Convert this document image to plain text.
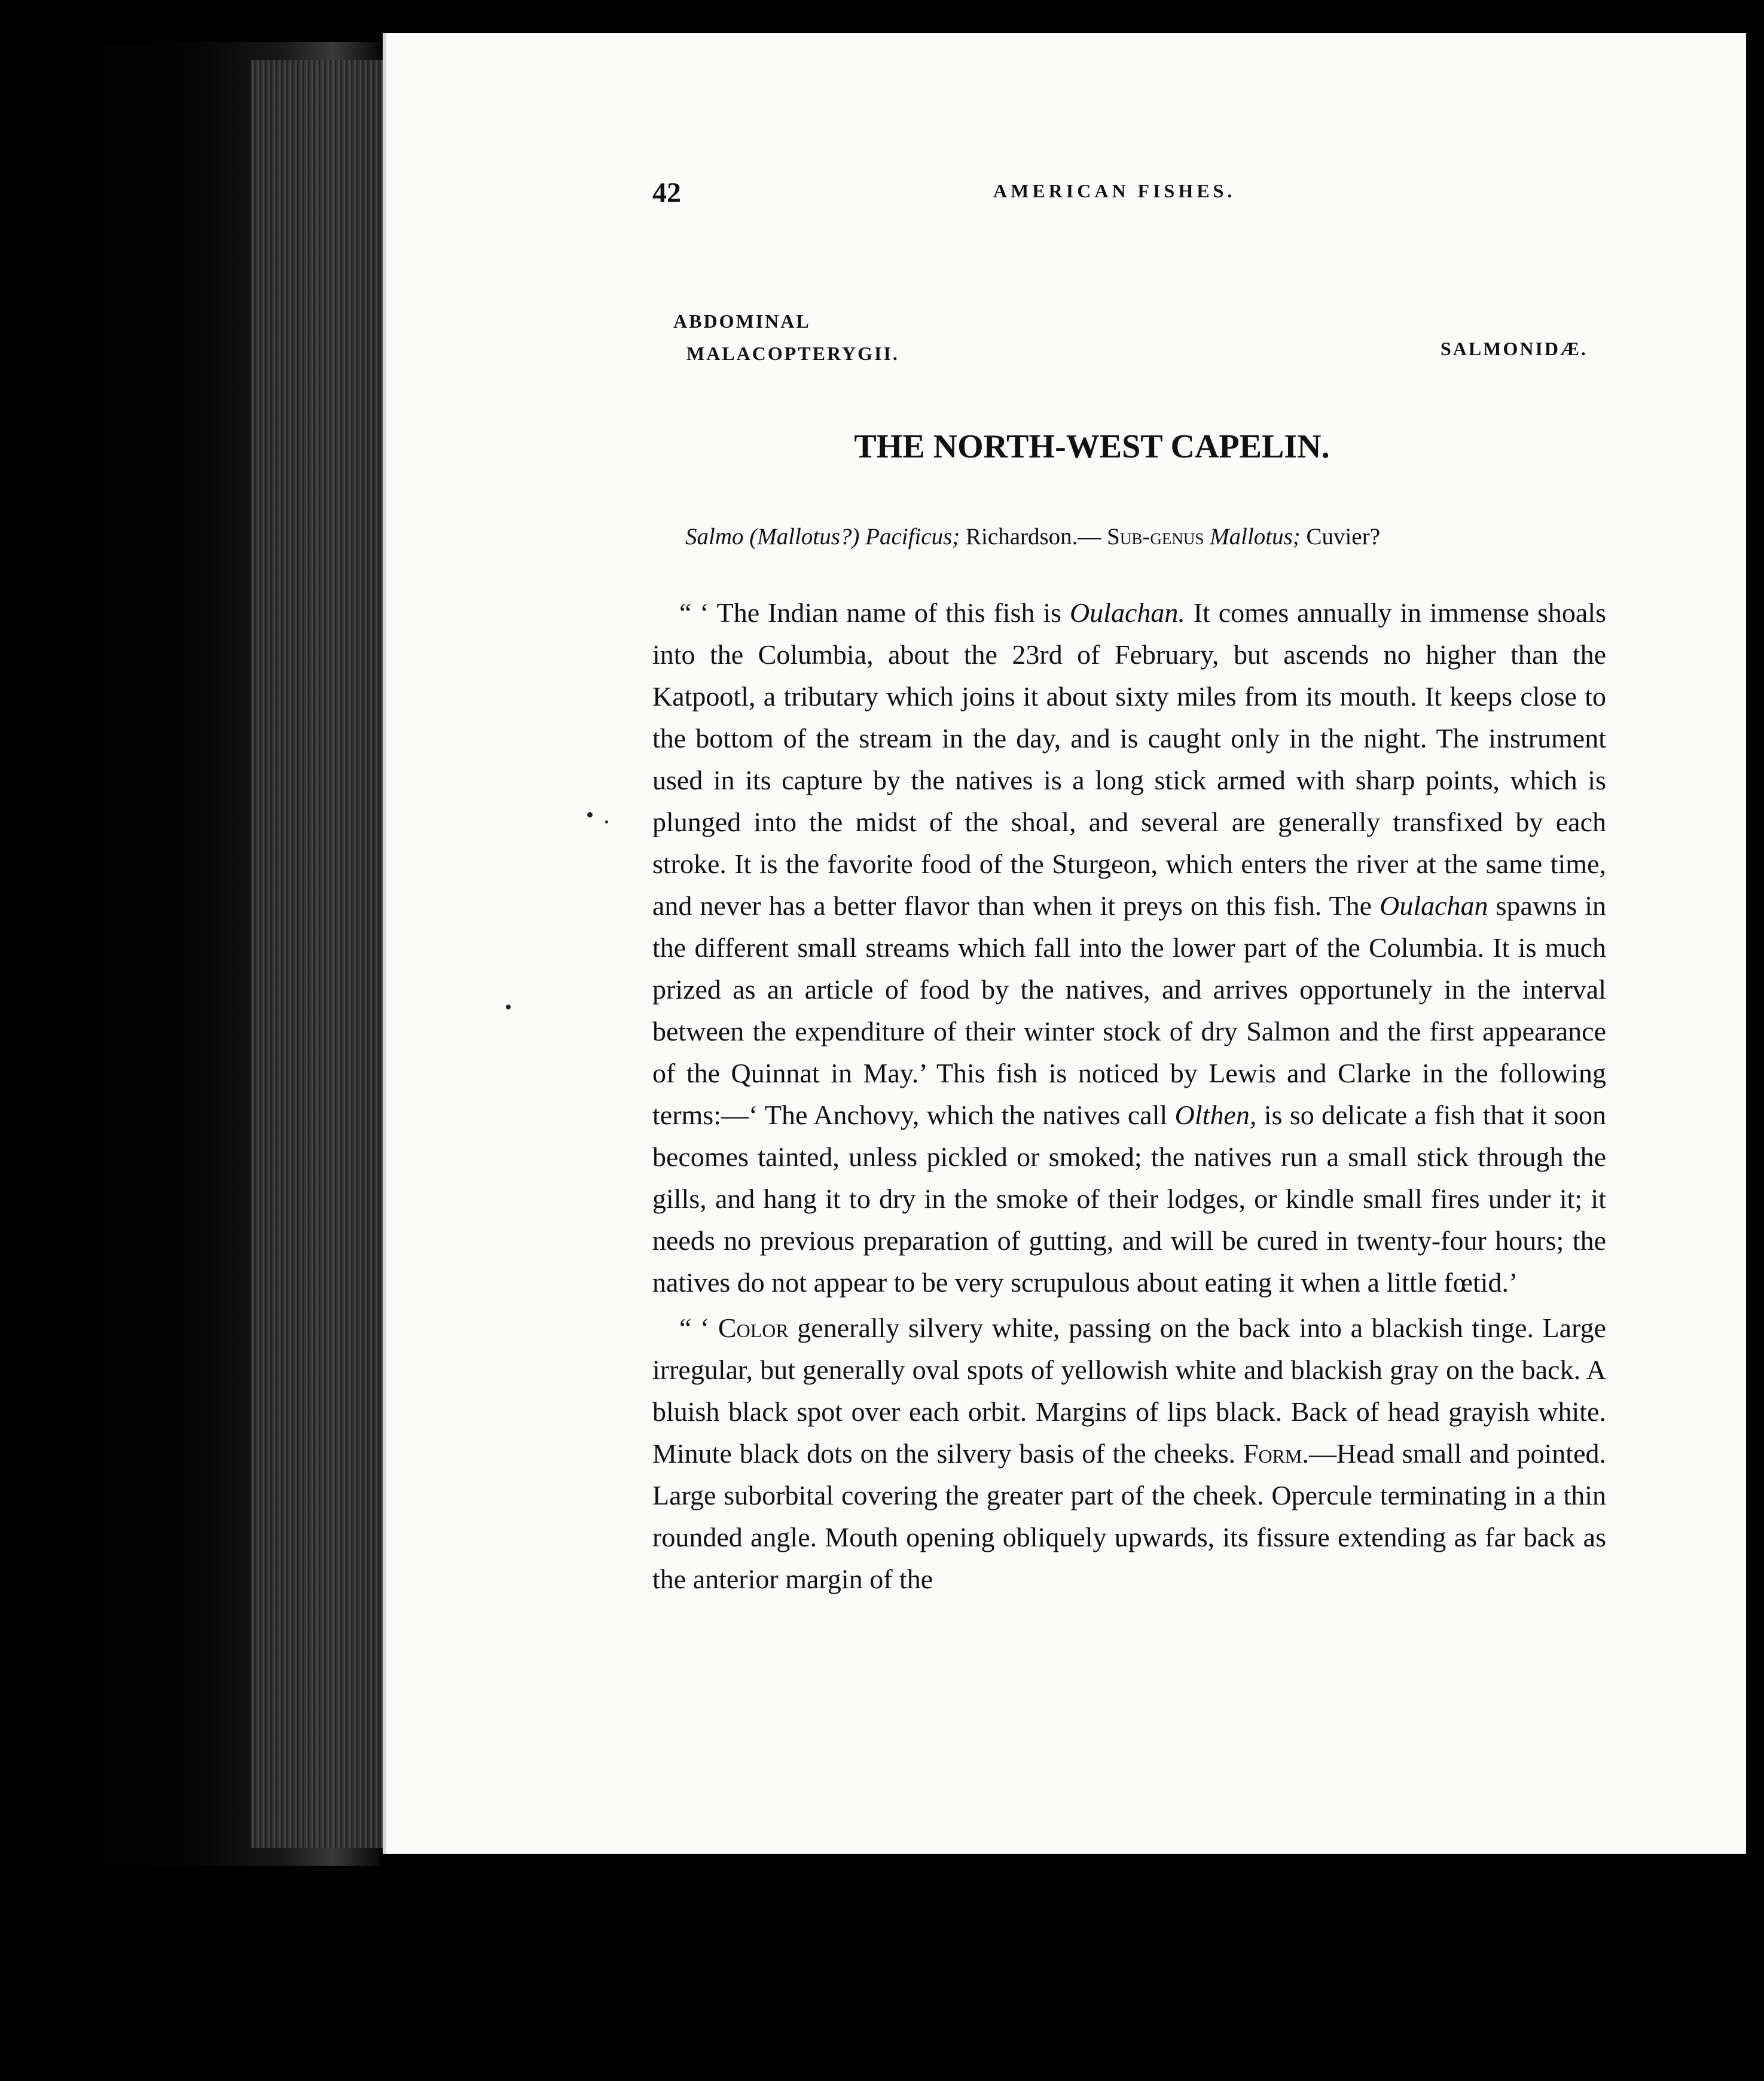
42	AMERICAN FISHES.
ABDOMINAL
MALACOPTERYGII.	SALMONIDÆ.
THE NORTH-WEST CAPELIN.
Salmo (Mallotus?) Pacificus; Richardson.— Sub-genus Mallotus; Cuvier?

“ ‘ The Indian name of this fish is Oulachan. It comes annually in immense shoals into the Columbia, about the 23rd of February, but ascends no higher than the Katpootl, a tributary which joins it about sixty miles from its mouth. It keeps close to the bottom of the stream in the day, and is caught only in the night. The instrument used in its capture by the natives is a long stick armed with sharp points, which is plunged into the midst of the shoal, and several are generally transfixed by each stroke. It is the favorite food of the Sturgeon, which enters the river at the same time, and never has a better flavor than when it preys on this fish. The Oulachan spawns in the different small streams which fall into the lower part of the Columbia. It is much prized as an article of food by the natives, and arrives opportunely in the interval between the expenditure of their winter stock of dry Salmon and the first appearance of the Quinnat in May.’ This fish is noticed by Lewis and Clarke in the following terms:—‘ The Anchovy, which the natives call Olthen, is so delicate a fish that it soon becomes tainted, unless pickled or smoked; the natives run a small stick through the gills, and hang it to dry in the smoke of their lodges, or kindle small fires under it; it needs no previous preparation of gutting, and will be cured in twenty-four hours; the natives do not appear to be very scrupulous about eating it when a little fœtid.’

“ ‘ Color generally silvery white, passing on the back into a blackish tinge. Large irregular, but generally oval spots of yellowish white and blackish gray on the back. A bluish black spot over each orbit. Margins of lips black. Back of head grayish white. Minute black dots on the silvery basis of the cheeks. Form.—Head small and pointed. Large suborbital covering the greater part of the cheek. Opercule terminating in a thin rounded angle. Mouth opening obliquely upwards, its fissure extending as far back as the anterior margin of the
